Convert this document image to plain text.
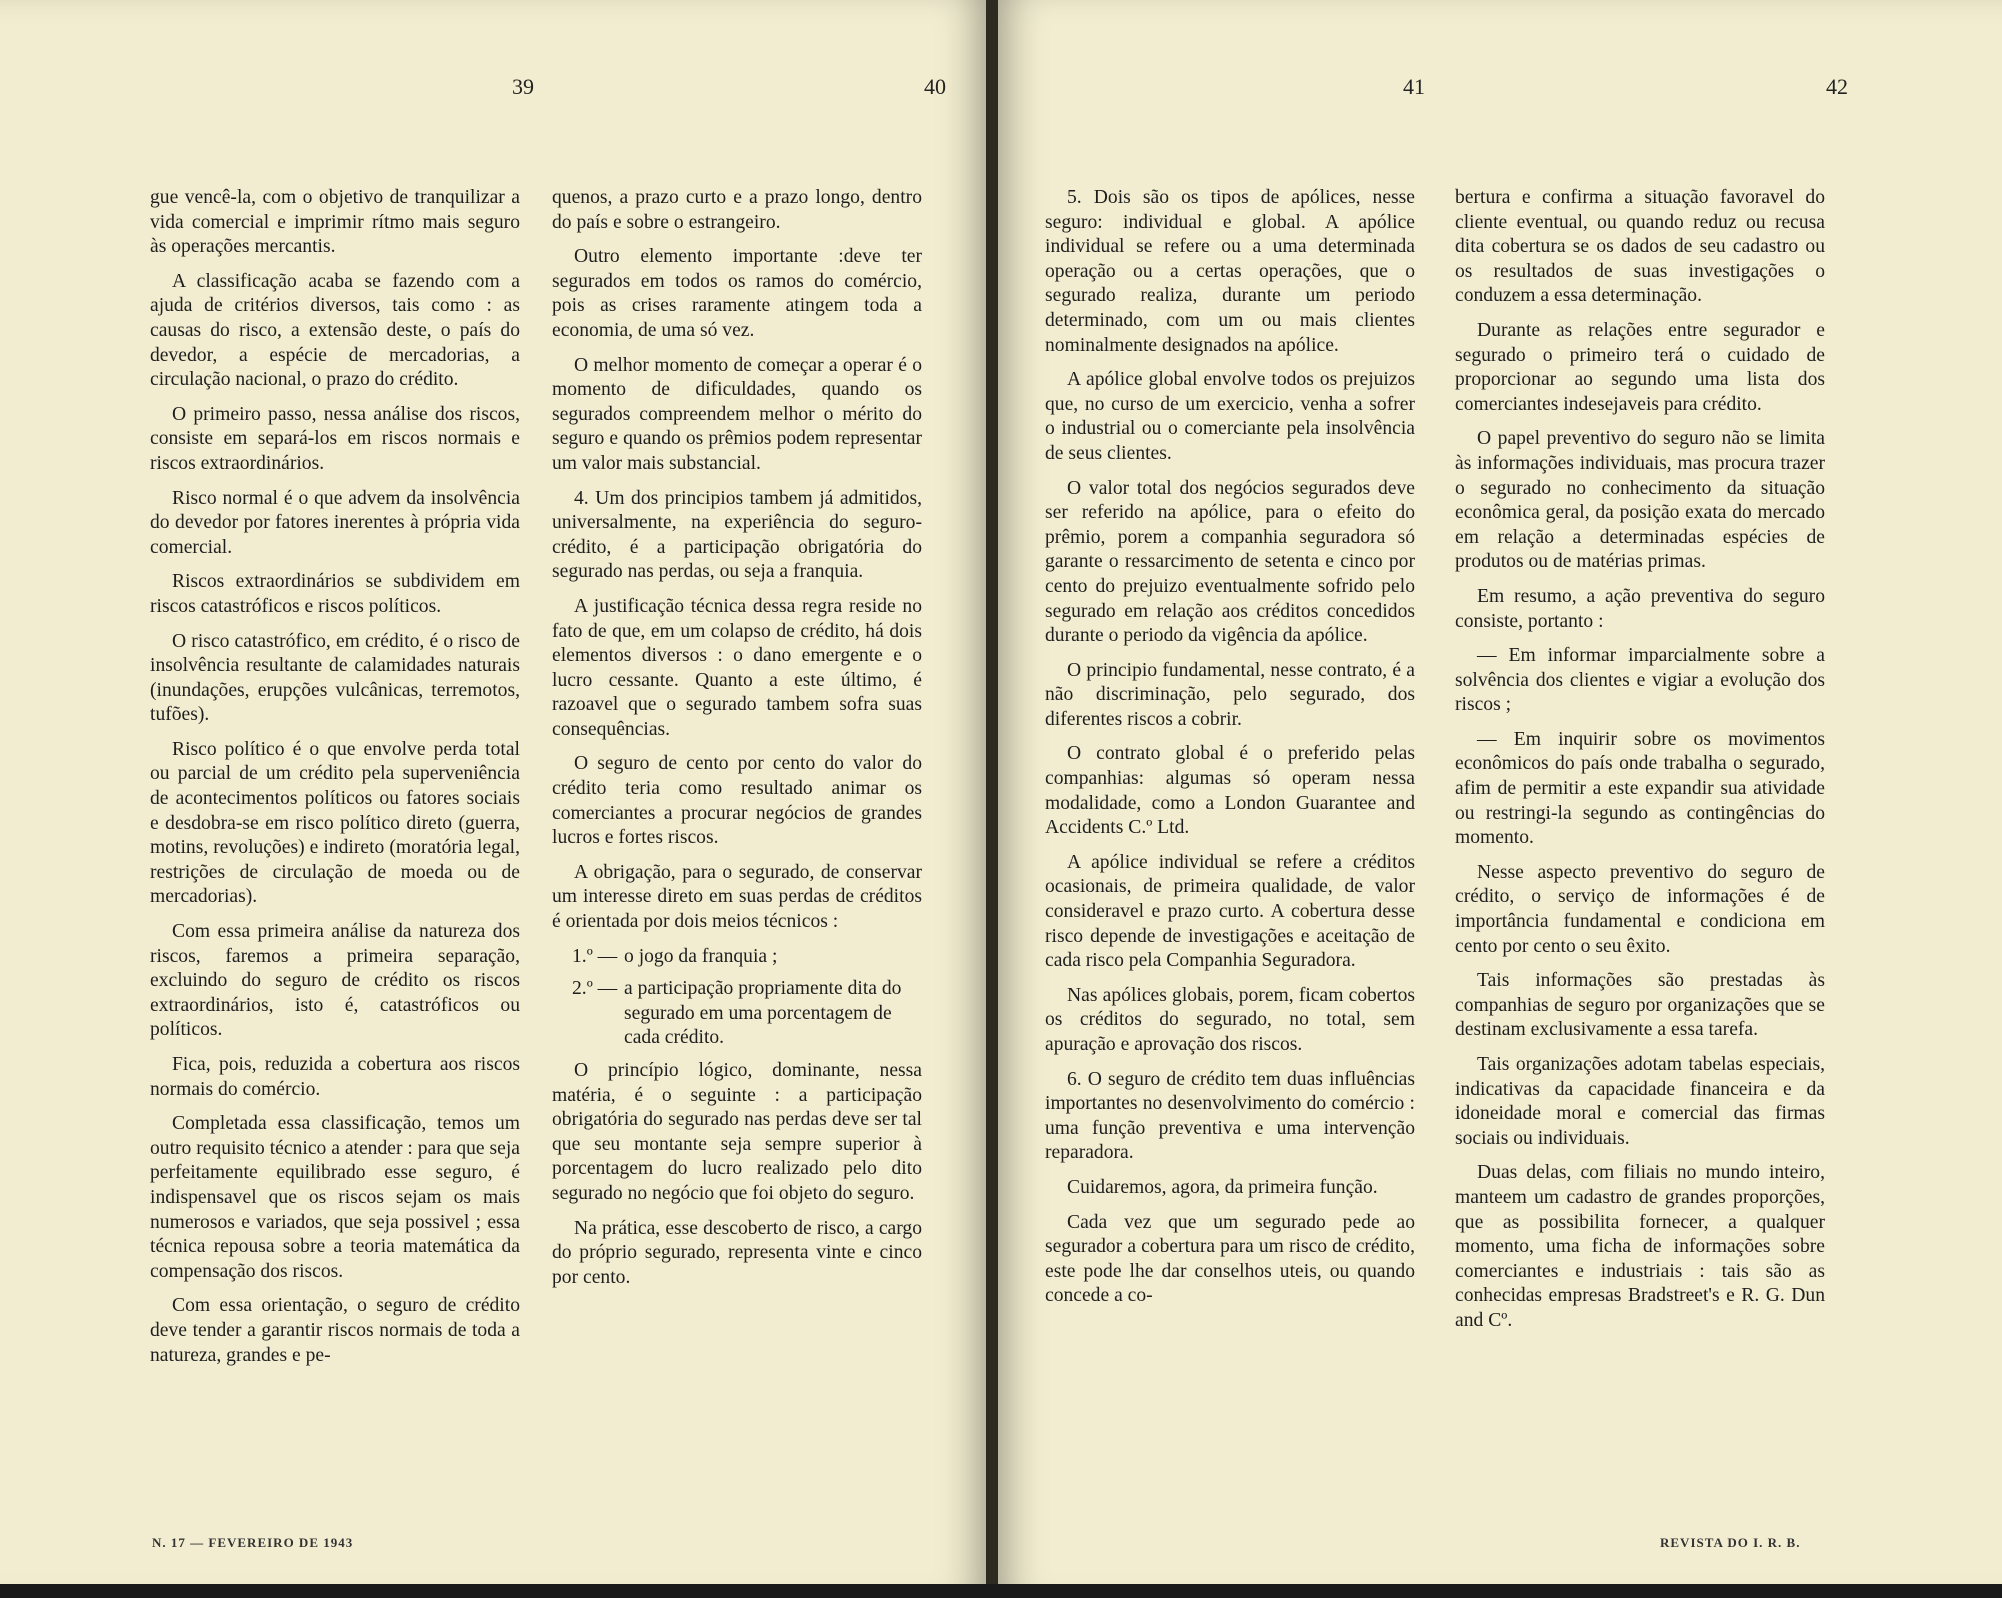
39	40	41	42

gue vencê-la, com o objetivo de tranquilizar a vida comercial e imprimir rítmo mais seguro às operações mercantis.

A classificação acaba se fazendo com a ajuda de critérios diversos, tais como : as causas do risco, a extensão deste, o país do devedor, a espécie de mercadorias, a circulação nacional, o prazo do crédito.

O primeiro passo, nessa análise dos riscos, consiste em separá-los em riscos normais e riscos extraordinários.

Risco normal é o que advem da insolvência do devedor por fatores inerentes à própria vida comercial.

Riscos extraordinários se subdividem em riscos catastróficos e riscos políticos.

O risco catastrófico, em crédito, é o risco de insolvência resultante de calamidades naturais (inundações, erupções vulcânicas, terremotos, tufões).

Risco político é o que envolve perda total ou parcial de um crédito pela superveniência de acontecimentos políticos ou fatores sociais e desdobra-se em risco político direto (guerra, motins, revoluções) e indireto (moratória legal, restrições de circulação de moeda ou de mercadorias).

Com essa primeira análise da natureza dos riscos, faremos a primeira separação, excluindo do seguro de crédito os riscos extraordinários, isto é, catastróficos ou políticos.

Fica, pois, reduzida a cobertura aos riscos normais do comércio.

Completada essa classificação, temos um outro requisito técnico a atender : para que seja perfeitamente equilibrado esse seguro, é indispensavel que os riscos sejam os mais numerosos e variados, que seja possivel ; essa técnica repousa sobre a teoria matemática da compensação dos riscos.

Com essa orientação, o seguro de crédito deve tender a garantir riscos normais de toda a natureza, grandes e pe-

quenos, a prazo curto e a prazo longo, dentro do país e sobre o estrangeiro.

Outro elemento importante :deve ter segurados em todos os ramos do comércio, pois as crises raramente atingem toda a economia, de uma só vez.

O melhor momento de começar a operar é o momento de dificuldades, quando os segurados compreendem melhor o mérito do seguro e quando os prêmios podem representar um valor mais substancial.

4. Um dos principios tambem já admitidos, universalmente, na experiência do seguro-crédito, é a participação obrigatória do segurado nas perdas, ou seja a franquia.

A justificação técnica dessa regra reside no fato de que, em um colapso de crédito, há dois elementos diversos : o dano emergente e o lucro cessante. Quanto a este último, é razoavel que o segurado tambem sofra suas consequências.

O seguro de cento por cento do valor do crédito teria como resultado animar os comerciantes a procurar negócios de grandes lucros e fortes riscos.

A obrigação, para o segurado, de conservar um interesse direto em suas perdas de créditos é orientada por dois meios técnicos :

1.º — o jogo da franquia ;
2.º — a participação propriamente dita do segurado em uma porcentagem de cada crédito.

O princípio lógico, dominante, nessa matéria, é o seguinte : a participação obrigatória do segurado nas perdas deve ser tal que seu montante seja sempre superior à porcentagem do lucro realizado pelo dito segurado no negócio que foi objeto do seguro.

Na prática, esse descoberto de risco, a cargo do próprio segurado, representa vinte e cinco por cento.

5. Dois são os tipos de apólices, nesse seguro: individual e global. A apólice individual se refere ou a uma determinada operação ou a certas operações, que o segurado realiza, durante um periodo determinado, com um ou mais clientes nominalmente designados na apólice.

A apólice global envolve todos os prejuizos que, no curso de um exercicio, venha a sofrer o industrial ou o comerciante pela insolvência de seus clientes.

O valor total dos negócios segurados deve ser referido na apólice, para o efeito do prêmio, porem a companhia seguradora só garante o ressarcimento de setenta e cinco por cento do prejuizo eventualmente sofrido pelo segurado em relação aos créditos concedidos durante o periodo da vigência da apólice.

O principio fundamental, nesse contrato, é a não discriminação, pelo segurado, dos diferentes riscos a cobrir.

O contrato global é o preferido pelas companhias: algumas só operam nessa modalidade, como a London Guarantee and Accidents C.º Ltd.

A apólice individual se refere a créditos ocasionais, de primeira qualidade, de valor consideravel e prazo curto. A cobertura desse risco depende de investigações e aceitação de cada risco pela Companhia Seguradora.

Nas apólices globais, porem, ficam cobertos os créditos do segurado, no total, sem apuração e aprovação dos riscos.

6. O seguro de crédito tem duas influências importantes no desenvolvimento do comércio : uma função preventiva e uma intervenção reparadora.

Cuidaremos, agora, da primeira função.

Cada vez que um segurado pede ao segurador a cobertura para um risco de crédito, este pode lhe dar conselhos uteis, ou quando concede a co-

bertura e confirma a situação favoravel do cliente eventual, ou quando reduz ou recusa dita cobertura se os dados de seu cadastro ou os resultados de suas investigações o conduzem a essa determinação.

Durante as relações entre segurador e segurado o primeiro terá o cuidado de proporcionar ao segundo uma lista dos comerciantes indesejaveis para crédito.

O papel preventivo do seguro não se limita às informações individuais, mas procura trazer o segurado no conhecimento da situação econômica geral, da posição exata do mercado em relação a determinadas espécies de produtos ou de matérias primas.

Em resumo, a ação preventiva do seguro consiste, portanto :

— Em informar imparcialmente sobre a solvência dos clientes e vigiar a evolução dos riscos ;

— Em inquirir sobre os movimentos econômicos do país onde trabalha o segurado, afim de permitir a este expandir sua atividade ou restringi-la segundo as contingências do momento.

Nesse aspecto preventivo do seguro de crédito, o serviço de informações é de importância fundamental e condiciona em cento por cento o seu êxito.

Tais informações são prestadas às companhias de seguro por organizações que se destinam exclusivamente a essa tarefa.

Tais organizações adotam tabelas especiais, indicativas da capacidade financeira e da idoneidade moral e comercial das firmas sociais ou individuais.

Duas delas, com filiais no mundo inteiro, manteem um cadastro de grandes proporções, que as possibilita fornecer, a qualquer momento, uma ficha de informações sobre comerciantes e industriais : tais são as conhecidas empresas Bradstreet's e R. G. Dun and Cº.

N. 17 — FEVEREIRO DE 1943	REVISTA DO I. R. B.
